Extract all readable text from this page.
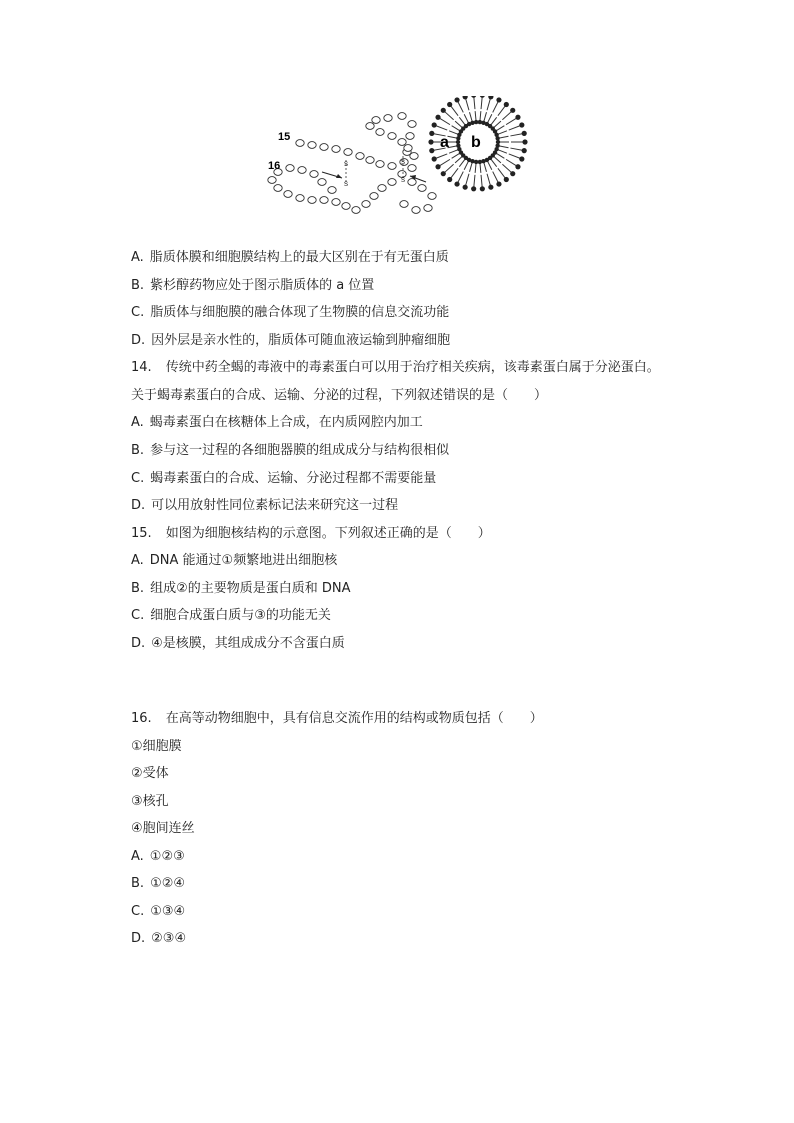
15
16	S
S
S
S
a b
A. 脂质体膜和细胞膜结构上的最大区别在于有无蛋白质
B. 紫杉醇药物应处于图示脂质体的 a 位置
C. 脂质体与细胞膜的融合体现了生物膜的信息交流功能
D. 因外层是亲水性的，脂质体可随血液运输到肿瘤细胞
14. 传统中药全蝎的毒液中的毒素蛋白可以用于治疗相关疾病，该毒素蛋白属于分泌蛋白。
关于蝎毒素蛋白的合成、运输、分泌的过程，下列叙述错误的是（　　）
A. 蝎毒素蛋白在核糖体上合成，在内质网腔内加工
B. 参与这一过程的各细胞器膜的组成成分与结构很相似
C. 蝎毒素蛋白的合成、运输、分泌过程都不需要能量
D. 可以用放射性同位素标记法来研究这一过程
15. 如图为细胞核结构的示意图。下列叙述正确的是（　　）
A. DNA 能通过①频繁地进出细胞核
B. 组成②的主要物质是蛋白质和 DNA
C. 细胞合成蛋白质与③的功能无关
D. ④是核膜，其组成成分不含蛋白质
16. 在高等动物细胞中，具有信息交流作用的结构或物质包括（　　）
①细胞膜
②受体
③核孔
④胞间连丝
A. ①②③
B. ①②④
C. ①③④
D. ②③④
